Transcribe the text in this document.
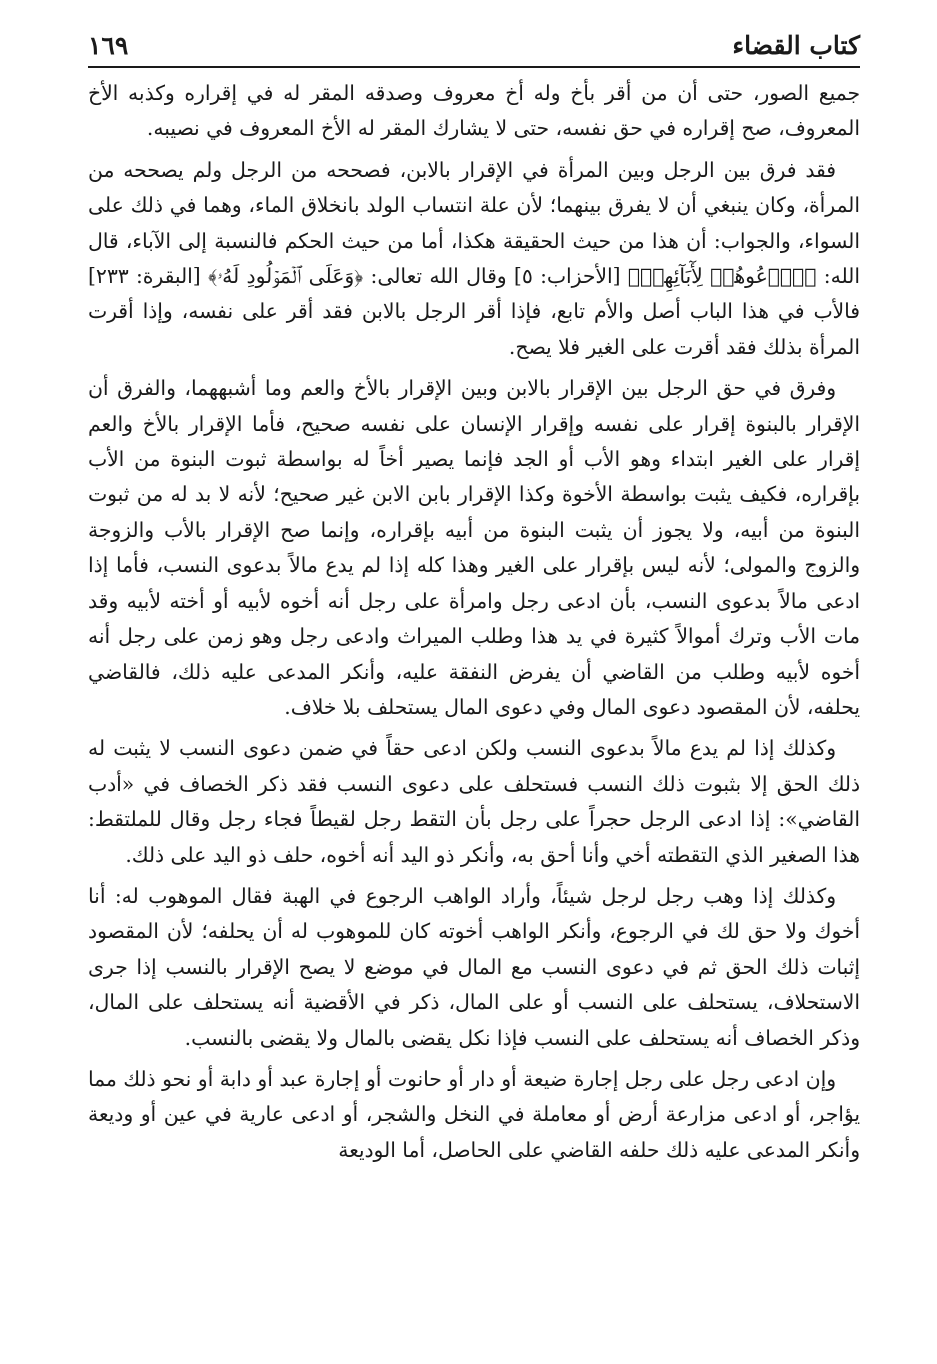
كتاب القضاء
١٦٩

جميع الصور، حتى أن من أقر بأخ وله أخ معروف وصدقه المقر له في إقراره وكذبه الأخ المعروف، صح إقراره في حق نفسه، حتى لا يشارك المقر له الأخ المعروف في نصيبه.

فقد فرق بين الرجل وبين المرأة في الإقرار بالابن، فصححه من الرجل ولم يصححه من المرأة، وكان ينبغي أن لا يفرق بينهما؛ لأن علة انتساب الولد بانخلاق الماء، وهما في ذلك على السواء، والجواب: أن هذا من حيث الحقيقة هكذا، أما من حيث الحكم فالنسبة إلى الآباء، قال الله: ﴿ٱدۡعُوهُمۡ لِأٓبَآئِهِمۡ﴾ [الأحزاب: ٥] وقال الله تعالى: ﴿وَعَلَى ٱلۡمَوۡلُودِ لَهُۥ﴾ [البقرة: ٢٣٣] فالأب في هذا الباب أصل والأم تابع، فإذا أقر الرجل بالابن فقد أقر على نفسه، وإذا أقرت المرأة بذلك فقد أقرت على الغير فلا يصح.

وفرق في حق الرجل بين الإقرار بالابن وبين الإقرار بالأخ والعم وما أشبههما، والفرق أن الإقرار بالبنوة إقرار على نفسه وإقرار الإنسان على نفسه صحيح، فأما الإقرار بالأخ والعم إقرار على الغير ابتداء وهو الأب أو الجد فإنما يصير أخاً له بواسطة ثبوت البنوة من الأب بإقراره، فكيف يثبت بواسطة الأخوة وكذا الإقرار بابن الابن غير صحيح؛ لأنه لا بد له من ثبوت البنوة من أبيه، ولا يجوز أن يثبت البنوة من أبيه بإقراره، وإنما صح الإقرار بالأب والزوجة والزوج والمولى؛ لأنه ليس بإقرار على الغير وهذا كله إذا لم يدع مالاً بدعوى النسب، فأما إذا ادعى مالاً بدعوى النسب، بأن ادعى رجل وامرأة على رجل أنه أخوه لأبيه أو أخته لأبيه وقد مات الأب وترك أموالاً كثيرة في يد هذا وطلب الميراث وادعى رجل وهو زمن على رجل أنه أخوه لأبيه وطلب من القاضي أن يفرض النفقة عليه، وأنكر المدعى عليه ذلك، فالقاضي يحلفه، لأن المقصود دعوى المال وفي دعوى المال يستحلف بلا خلاف.

وكذلك إذا لم يدع مالاً بدعوى النسب ولكن ادعى حقاً في ضمن دعوى النسب لا يثبت له ذلك الحق إلا بثبوت ذلك النسب فستحلف على دعوى النسب فقد ذكر الخصاف في «أدب القاضي»: إذا ادعى الرجل حجراً على رجل بأن التقط رجل لقيطاً فجاء رجل وقال للملتقط: هذا الصغير الذي التقطته أخي وأنا أحق به، وأنكر ذو اليد أنه أخوه، حلف ذو اليد على ذلك.

وكذلك إذا وهب رجل لرجل شيئاً، وأراد الواهب الرجوع في الهبة فقال الموهوب له: أنا أخوك ولا حق لك في الرجوع، وأنكر الواهب أخوته كان للموهوب له أن يحلفه؛ لأن المقصود إثبات ذلك الحق ثم في دعوى النسب مع المال في موضع لا يصح الإقرار بالنسب إذا جرى الاستحلاف، يستحلف على النسب أو على المال، ذكر في الأقضية أنه يستحلف على المال، وذكر الخصاف أنه يستحلف على النسب فإذا نكل يقضى بالمال ولا يقضى بالنسب.

وإن ادعى رجل على رجل إجارة ضيعة أو دار أو حانوت أو إجارة عبد أو دابة أو نحو ذلك مما يؤاجر، أو ادعى مزارعة أرض أو معاملة في النخل والشجر، أو ادعى عارية في عين أو وديعة وأنكر المدعى عليه ذلك حلفه القاضي على الحاصل، أما الوديعة
